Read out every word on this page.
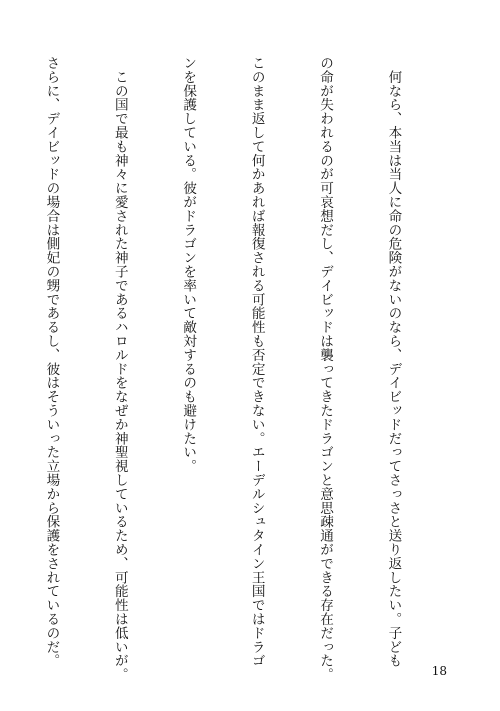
　何なら、本当は当人に命の危険がないのなら、デイビッドだってさっさと送り返したい。子ども

の命が失われるのが可哀想だし、デイビッドは襲ってきたドラゴンと意思疎通ができる存在だった。

このまま返して何かあれば報復される可能性も否定できない。エーデルシュタイン王国ではドラゴ

ンを保護している。彼がドラゴンを率いて敵対するのも避けたい。

　この国で最も神々に愛された神子であるハロルドをなぜか神聖視しているため、可能性は低いが。

さらに、デイビッドの場合は側妃の甥であるし、彼はそういった立場から保護をされているのだ。

18
